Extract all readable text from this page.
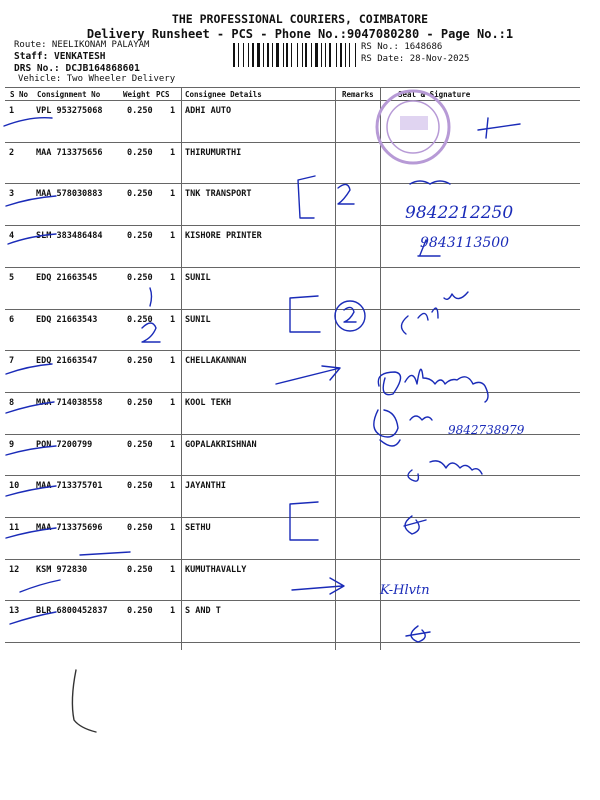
THE PROFESSIONAL COURIERS, COIMBATORE
Delivery Runsheet - PCS - Phone No.:9047080280 - Page No.:1
Route: NEELIKONAM PALAYAM
Staff: VENKATESH
DRS No.: DCJB164868601
Vehicle: Two Wheeler Delivery
RS No.: 1648686
RS Date: 28-Nov-2025
S No Consignment No	Weight PCS Consignee Details	Remarks	Seal & Signature
1	VPL 953275068	0.250 1 ADHI AUTO
2	MAA 713375656	0.250 1 THIRUMURTHI
3	MAA 578030883	0.250 1 TNK TRANSPORT
4	SLM 383486484	0.250 1 KISHORE PRINTER
5	EDQ 21663545	0.250 1 SUNIL
6	EDQ 21663543	0.250 1 SUNIL
7	EDQ 21663547	0.250 1 CHELLAKANNAN
8	MAA 714038558	0.250 1 KOOL TEKH
9	PON 7200799	0.250 1 GOPALAKRISHNAN
10 MAA 713375701	0.250 1 JAYANTHI
11 MAA 713375696	0.250 1 SETHU
12 KSM 972830	0.250 1 KUMUTHAVALLY
13 BLR 6800452837 0.250 1 S AND T
9842212250
9843113500
9842738979
K-Hlvtn
